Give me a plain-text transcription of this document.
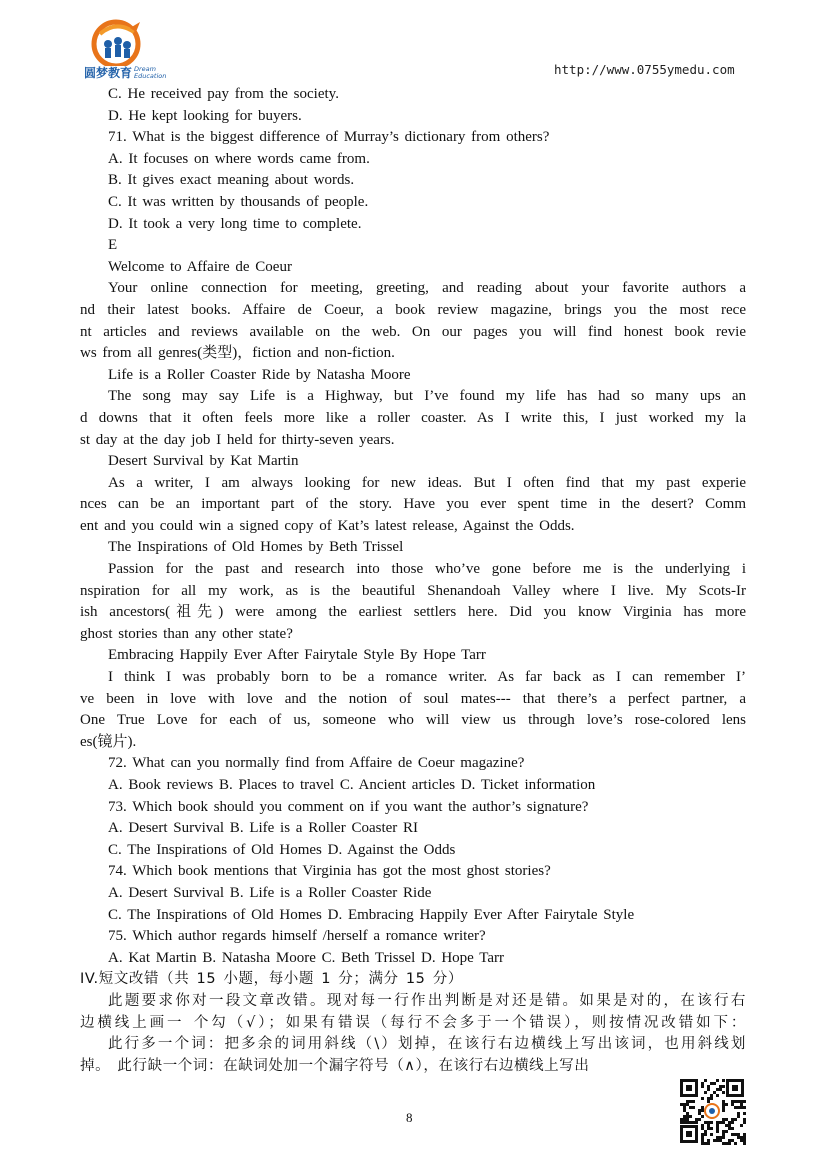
圆梦教育 Dream Education	http://www.0755ymedu.com
C. He received pay from the society.
D. He kept looking for buyers.
71. What is the biggest difference of Murray’s dictionary from others?
A. It focuses on where words came from.
B. It gives exact meaning about words.
C. It was written by thousands of people.
D. It took a very long time to complete.
E
Welcome to Affaire de Coeur
Your online connection for meeting, greeting, and reading about your favorite authors a
nd their latest books. Affaire de Coeur, a book review magazine, brings you the most rece
nt articles and reviews available on the web. On our pages you will find honest book revie
ws from all genres(类型)，fiction and non-fiction.
Life is a Roller Coaster Ride by Natasha Moore
The song may say Life is a Highway, but I’ve found my life has had so many ups an
d downs that it often feels more like a roller coaster. As I write this, I just worked my la
st day at the day job I held for thirty-seven years.
Desert Survival by Kat Martin
As a writer, I am always looking for new ideas. But I often find that my past experie
nces can be an important part of the story. Have you ever spent time in the desert? Comm
ent and you could win a signed copy of Kat’s latest release, Against the Odds.
The Inspirations of Old Homes by Beth Trissel
Passion for the past and research into those who’ve gone before me is the underlying i
nspiration for all my work, as is the beautiful Shenandoah Valley where I live. My Scots-Ir
ish ancestors(祖先) were among the earliest settlers here. Did you know Virginia has more
ghost stories than any other state?
Embracing Happily Ever After Fairytale Style By Hope Tarr
I think I was probably born to be a romance writer. As far back as I can remember I’
ve been in love with love and the notion of soul mates--- that there’s a perfect partner, a
One True Love for each of us, someone who will view us through love’s rose-colored lens
es(镜片).
72. What can you normally find from Affaire de Coeur magazine?
A. Book reviews B. Places to travel C. Ancient articles D. Ticket information
73. Which book should you comment on if you want the author’s signature?
A. Desert Survival B. Life is a Roller Coaster RI
C. The Inspirations of Old Homes D. Against the Odds
74. Which book mentions that Virginia has got the most ghost stories?
A. Desert Survival B. Life is a Roller Coaster Ride
C. The Inspirations of Old Homes D. Embracing Happily Ever After Fairytale Style
75. Which author regards himself /herself a romance writer?
A. Kat Martin B. Natasha Moore C. Beth Trissel D. Hope Tarr
IV.短文改错（共 15 小题，每小题 1 分；满分 15 分）
此题要求你对一段文章改错。现对每一行作出判断是对还是错。如果是对的，在该行右
边横线上画一 个勾（√）；如果有错误（每行不会多于一个错误），则按情况改错如下：
此行多一个词：把多余的词用斜线（\）划掉，在该行右边横线上写出该词，也用斜线划
掉。 此行缺一个词：在缺词处加一个漏字符号（∧），在该行右边横线上写出
8
